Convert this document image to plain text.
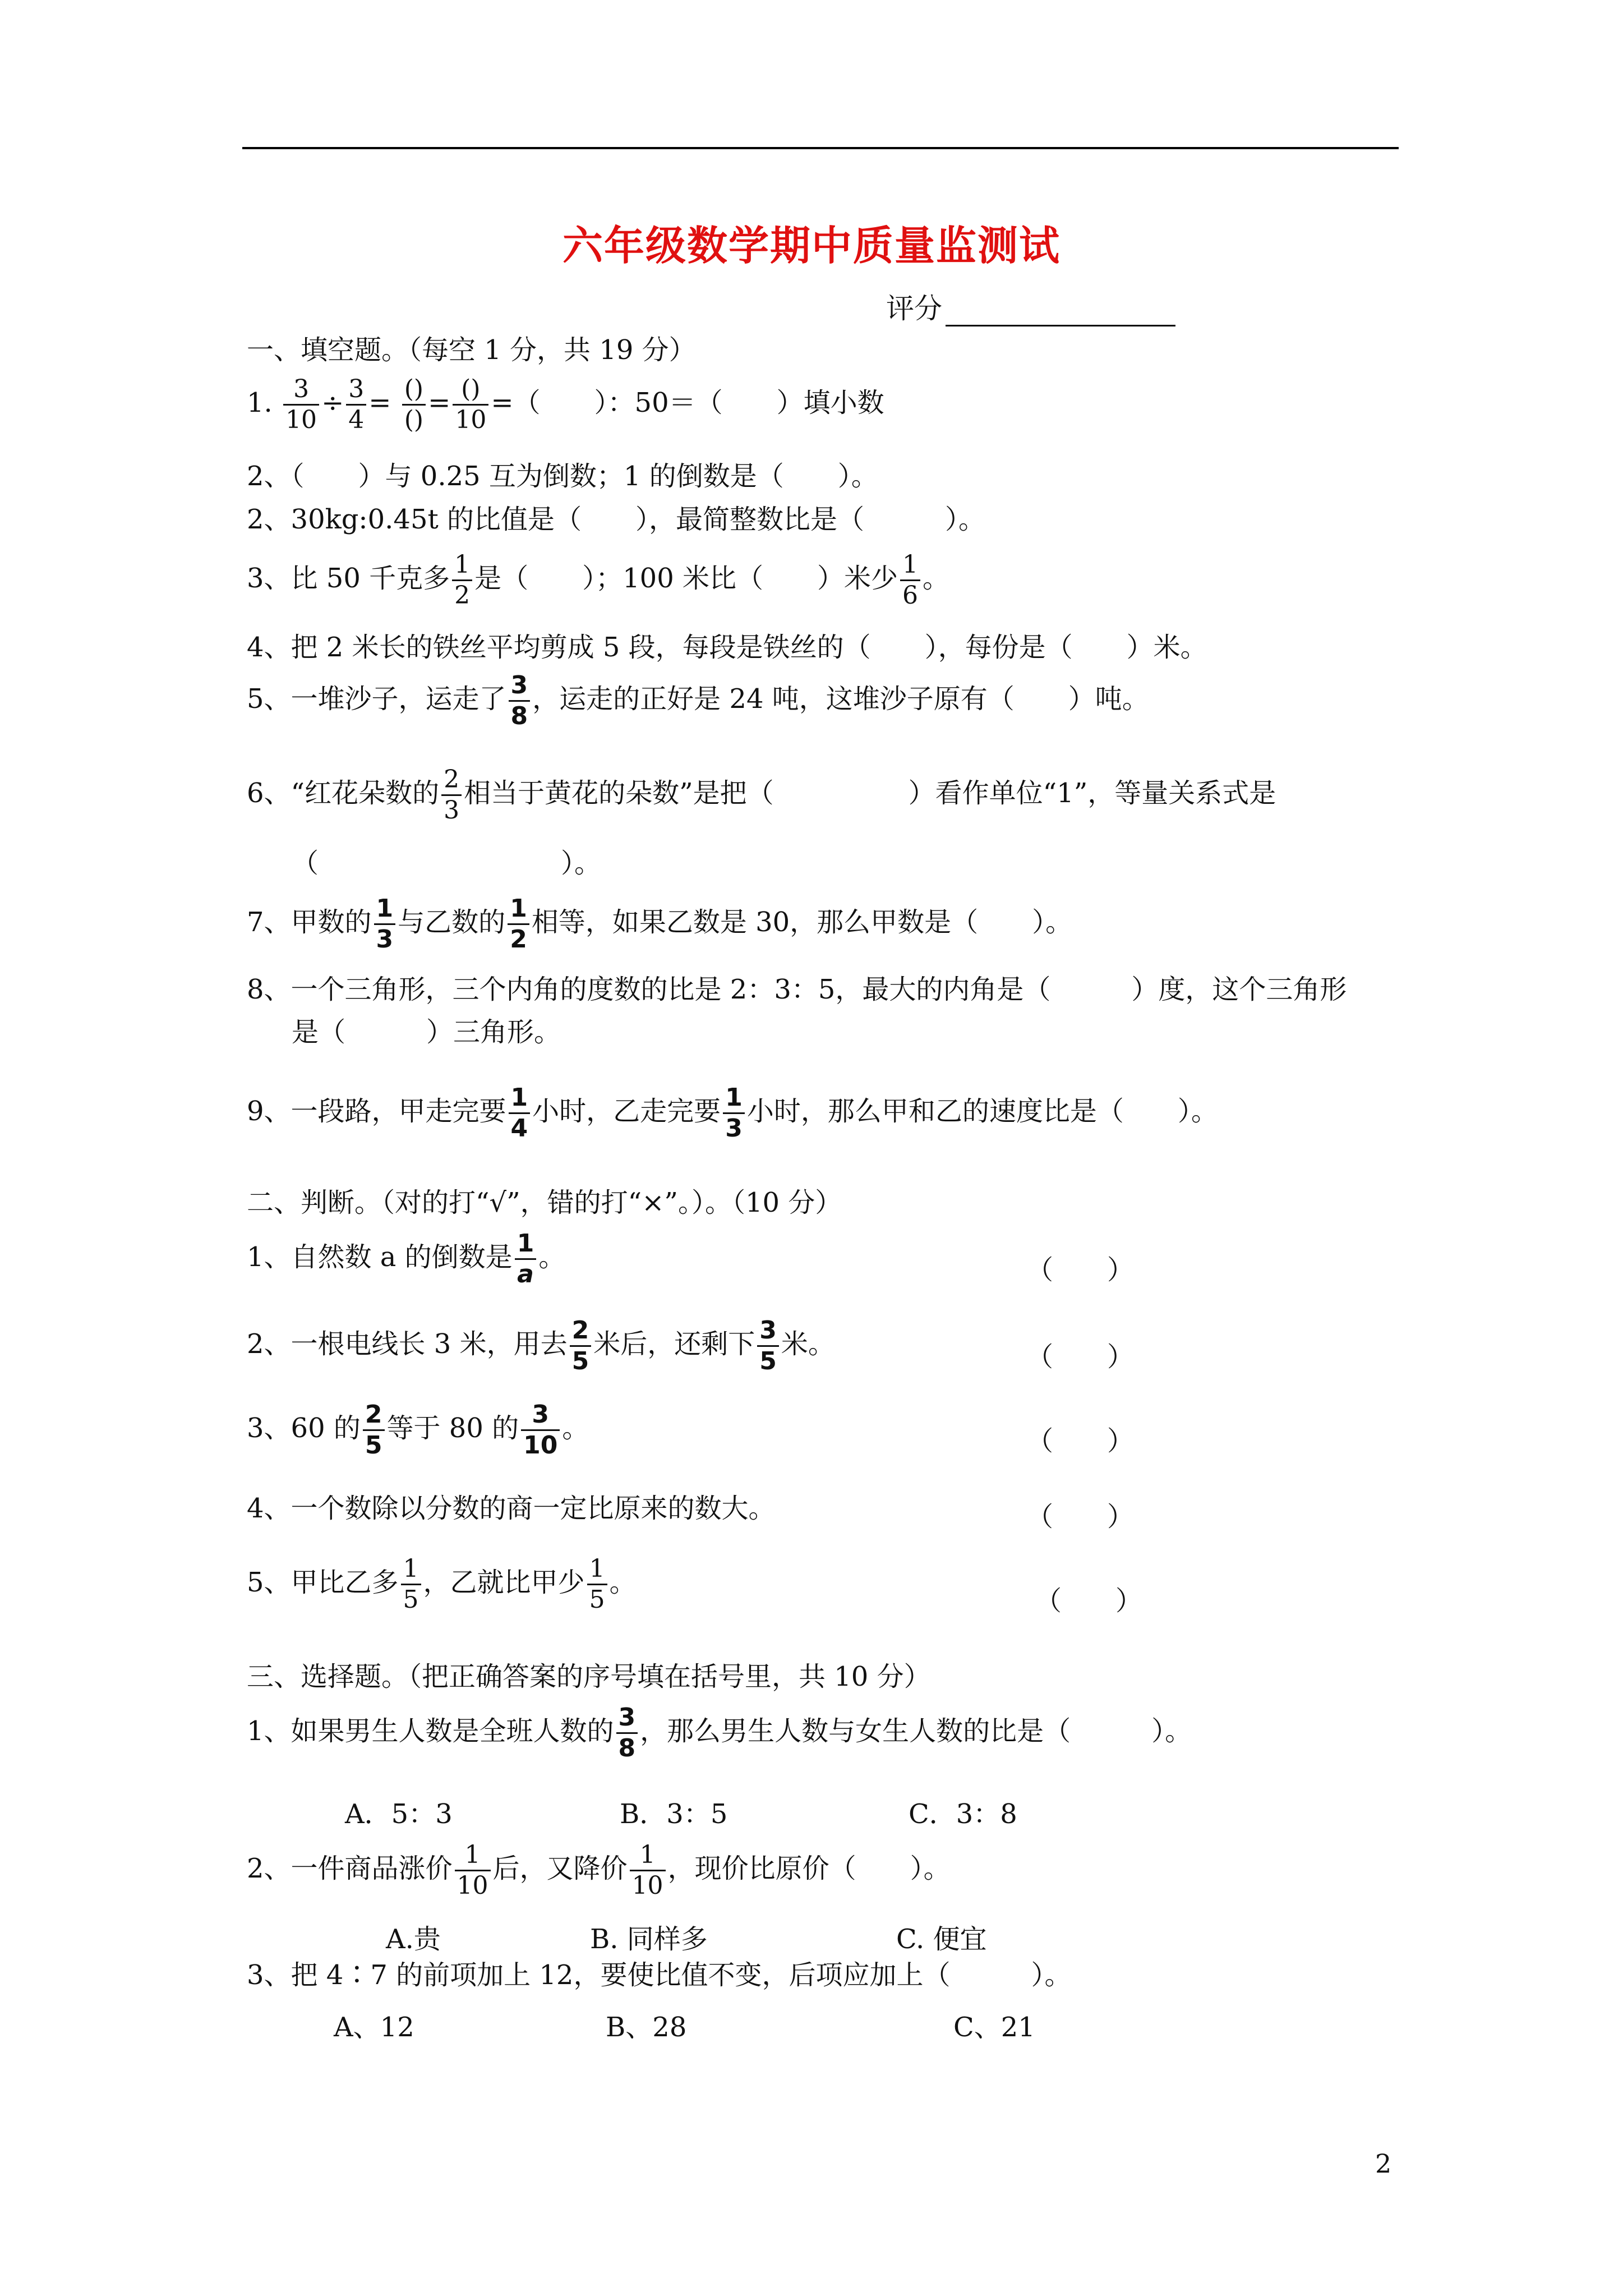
六年级数学期中质量监测试
评分
一、填空题。（每空 1 分，共 19 分）
1. $\frac{3}{10} \div \frac{3}{4} = \frac{()}{()} = \frac{()}{10}$ =（　　）：50＝（　　）填小数
2、（　　）与 0.25 互为倒数；1 的倒数是（　　）。
2、30kg:0.45t 的比值是（　　），最简整数比是（　　　）。
3、比 50 千克多 $\frac{1}{2}$ 是（　　）；100 米比（　　）米少 $\frac{1}{6}$ 。
4、把 2 米长的铁丝平均剪成 5 段，每段是铁丝的（　　），每份是（　　）米。
5、一堆沙子，运走了 $\frac{3}{8}$ ，运走的正好是 24 吨，这堆沙子原有（　　）吨。
6、“红花朵数的 $\frac{2}{3}$ 相当于黄花的朵数”是把（　　　　　）看作单位“1”，等量关系式是
（　　　　　　　　　）。
7、甲数的 $\frac{1}{3}$ 与乙数的 $\frac{1}{2}$ 相等，如果乙数是 30，那么甲数是（　　）。
8、一个三角形，三个内角的度数的比是 2：3：5，最大的内角是（　　　）度，这个三角形
是（　　　）三角形。
9、一段路，甲走完要 $\frac{1}{4}$ 小时，乙走完要 $\frac{1}{3}$ 小时，那么甲和乙的速度比是（　　）。
二、判断。（对的打“√”，错的打“×”。）。（10 分）
1、自然数 a 的倒数是 $\frac{1}{a}$ 。	（　　）
2、一根电线长 3 米，用去 $\frac{2}{5}$ 米后，还剩下 $\frac{3}{5}$ 米。	（　　）
3、60 的 $\frac{2}{5}$ 等于 80 的 $\frac{3}{10}$ 。	（　　）
4、一个数除以分数的商一定比原来的数大。	（　　）
5、甲比乙多 $\frac{1}{5}$ ，乙就比甲少 $\frac{1}{5}$ 。
（　　）
三、选择题。（把正确答案的序号填在括号里，共 10 分）
1、如果男生人数是全班人数的 $\frac{3}{8}$ ，那么男生人数与女生人数的比是（　　　）。
A．5：3	B．3：5	C．3：8
2、一件商品涨价 $\frac{1}{10}$ 后，又降价 $\frac{1}{10}$ ，现价比原价（　　）。
A.贵	B. 同样多	C. 便宜
3、把 4∶7 的前项加上 12，要使比值不变，后项应加上（　　　）。
A、12	B、28	C、21
2
